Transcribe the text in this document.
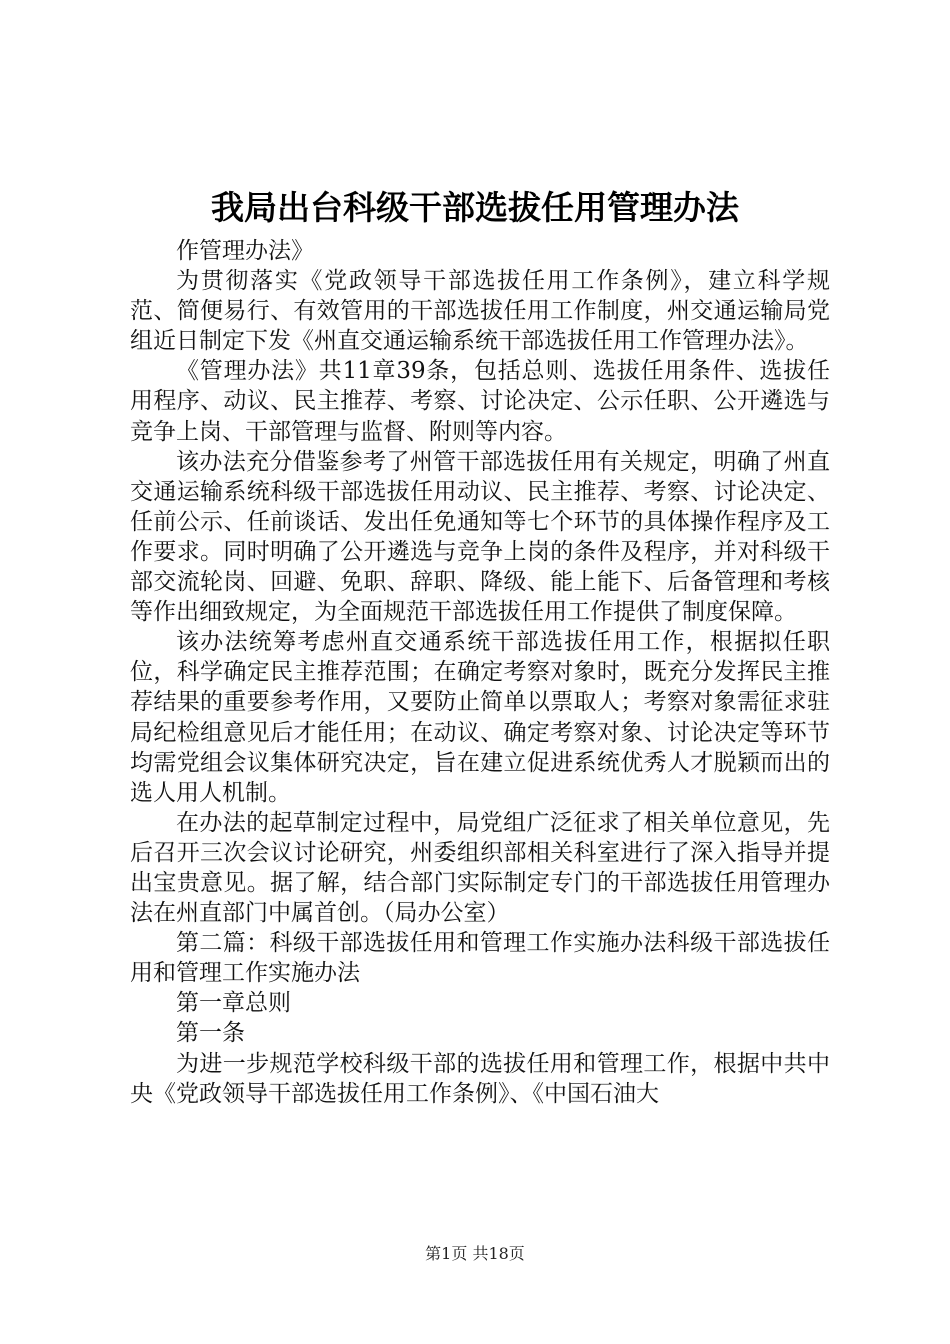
我局出台科级干部选拔任用管理办法

作管理办法》

为贯彻落实《党政领导干部选拔任用工作条例》，建立科学规范、简便易行、有效管用的干部选拔任用工作制度，州交通运输局党组近日制定下发《州直交通运输系统干部选拔任用工作管理办法》。

《管理办法》共11章39条，包括总则、选拔任用条件、选拔任用程序、动议、民主推荐、考察、讨论决定、公示任职、公开遴选与竞争上岗、干部管理与监督、附则等内容。

该办法充分借鉴参考了州管干部选拔任用有关规定，明确了州直交通运输系统科级干部选拔任用动议、民主推荐、考察、讨论决定、任前公示、任前谈话、发出任免通知等七个环节的具体操作程序及工作要求。同时明确了公开遴选与竞争上岗的条件及程序，并对科级干部交流轮岗、回避、免职、辞职、降级、能上能下、后备管理和考核等作出细致规定，为全面规范干部选拔任用工作提供了制度保障。

该办法统筹考虑州直交通系统干部选拔任用工作，根据拟任职位，科学确定民主推荐范围；在确定考察对象时，既充分发挥民主推荐结果的重要参考作用，又要防止简单以票取人；考察对象需征求驻局纪检组意见后才能任用；在动议、确定考察对象、讨论决定等环节均需党组会议集体研究决定，旨在建立促进系统优秀人才脱颖而出的选人用人机制。

在办法的起草制定过程中，局党组广泛征求了相关单位意见，先后召开三次会议讨论研究，州委组织部相关科室进行了深入指导并提出宝贵意见。据了解，结合部门实际制定专门的干部选拔任用管理办法在州直部门中属首创。（局办公室）

第二篇：科级干部选拔任用和管理工作实施办法科级干部选拔任用和管理工作实施办法

第一章总则

第一条

为进一步规范学校科级干部的选拔任用和管理工作，根据中共中央《党政领导干部选拔任用工作条例》、《中国石油大

第1页 共18页
